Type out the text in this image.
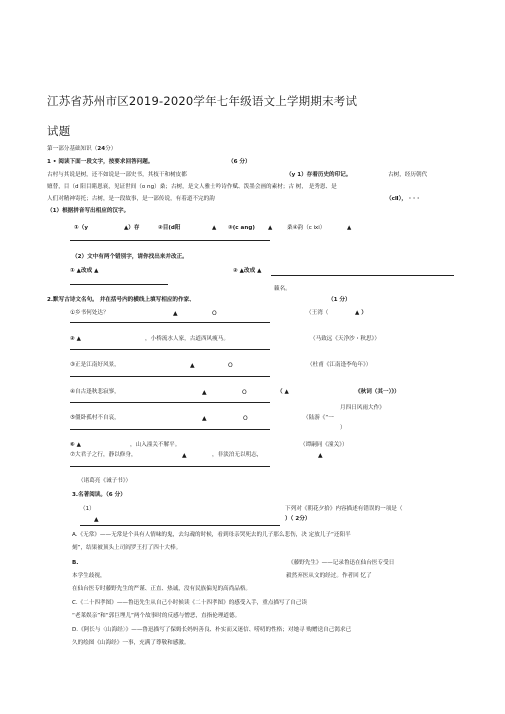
江苏省苏州市区2019-2020学年七年级语文上学期期末考试
试题
第一部分基础知识（24分）
1 • 阅读下面一段文字，按要求回答问题。	（6 分）
古村与其说是树，还不如说是一部史书，其枝干和树皮都	（y 1）存着历史的印记。	古树，经历朝代
嬗替，目（d 阳目睹恩衰，见证世间（o ng）桑；古树，是文人雅士吟诗作赋、泼墨会画的素材；古 树， 是秀恩、是
人们对精神寄托；古树，是一段故事，是一部传说，有着道不完的韵	（cⅡ）， · · ·
（1）根据拼音写出相应的汉字。
①（y	▲）存	②目(d阳	▲ ③(c ang) ▲	桑④韵（c ⅸi）	▲
（2）文中有两个错别字，请你找出来并改正。
① ▲改成 ▲	② ▲改成 ▲
籁名。
2.默写古诗文名句。 并在括号内的横线上填写相应的作家、	（1 分）
①乡书何处达？	▲	O	（王湾（	▲ ）
② ▲	，小桥流水人家，古道西风瘦马。	（马致远《天净沙・秋思》）
③正是江南好风景，	▲	O	（杜甫《江南逢李龟年》）
④自古逢秋悲寂寥，	▲	O	（ ▲	《秋词（其一）》）
月四日风雨大作》
⑤僵卧孤村不自哀，	▲	O	（陆游《“一
）
⑥ ▲	，山入潼关不解平。	（谭嗣同《潼关》）
⑦大君子之行，静以修身，	▲	，非淡泊无以明志，	▲
（诸葛亮《诫子书》）
3.名著阅读。（6 分）
（1）	下列对《朝花夕拾》内容描述有错误的一项是（
▲	）（ 2分）
A.《无常》——无常是个具有人情味的鬼，去勾魂的时候，看到母亲哭死去的儿子那么悲伤，决 定放儿子“还阳半
刻”，结果被顶头上司阎罗王打了四十大棒。
B.	《藤野先生》——记录鲁迅在仙台医专受日
本学生歧视，	毅然弃医从文的经过。作者回 忆了
在仙台医专时藤野先生的严谨、正直、热诚，没有民族偏见的高尚品格。
C.《二十四孝图》——鲁迅先生从自己小时候读《二十四孝图》的感受入手，重点描写了自己读
“老莱娱亲”和“郭巨埋儿”两个故事时的反感与憎恶，直指伦理道德。
D.《阿长与〈山海经〉》——鲁迅描写了保姆长妈妈善良、朴实而又迷信、唠叨的性格；对她寻 购赠送自己渴求已
久的绘图《山海经》一事，充满了尊敬和感激。
